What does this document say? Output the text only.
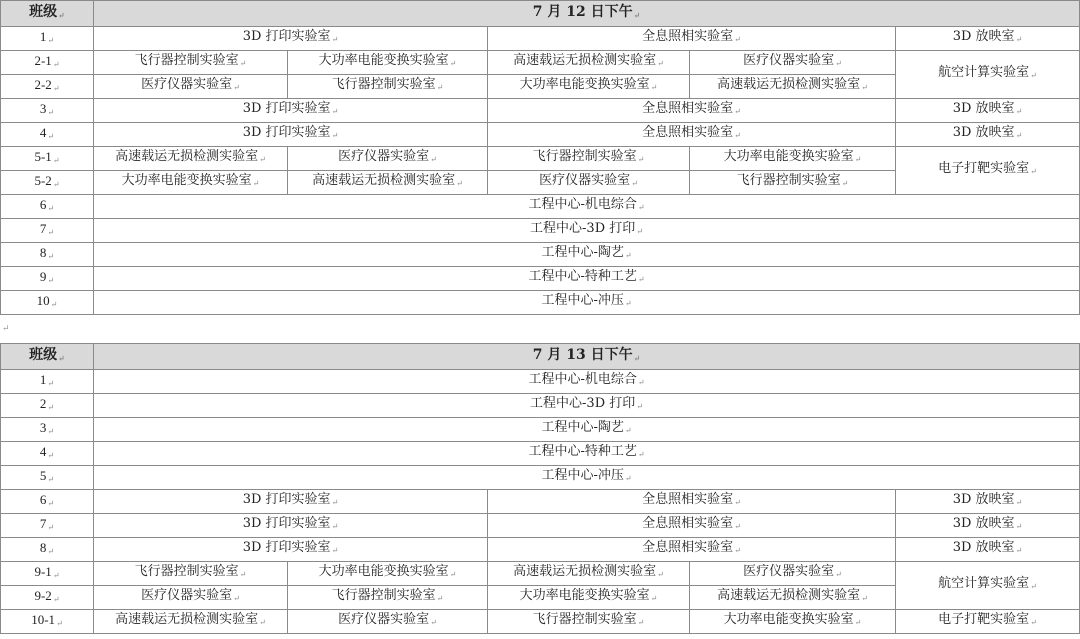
班级↵	7 月 12 日下午↵				
1↵	3D 打印实验室↵		全息照相实验室↵		3D 放映室↵
2-1↵	飞行器控制实验室↵	大功率电能变换实验室↵	高速载运无损检测实验室↵	医疗仪器实验室↵	航空计算实验室↵
2-2↵	医疗仪器实验室↵	飞行器控制实验室↵	大功率电能变换实验室↵	高速载运无损检测实验室↵	
3↵	3D 打印实验室↵		全息照相实验室↵		3D 放映室↵
4↵	3D 打印实验室↵		全息照相实验室↵		3D 放映室↵
5-1↵	高速载运无损检测实验室↵	医疗仪器实验室↵	飞行器控制实验室↵	大功率电能变换实验室↵	电子打靶实验室↵
5-2↵	大功率电能变换实验室↵	高速载运无损检测实验室↵	医疗仪器实验室↵	飞行器控制实验室↵	
6↵	工程中心-机电综合↵				
7↵	工程中心-3D 打印↵				
8↵	工程中心-陶艺↵				
9↵	工程中心-特种工艺↵				
10↵	工程中心-冲压↵				
↵
班级↵	7 月 13 日下午↵				
1↵	工程中心-机电综合↵				
2↵	工程中心-3D 打印↵				
3↵	工程中心-陶艺↵				
4↵	工程中心-特种工艺↵				
5↵	工程中心-冲压↵				
6↵	3D 打印实验室↵		全息照相实验室↵		3D 放映室↵
7↵	3D 打印实验室↵		全息照相实验室↵		3D 放映室↵
8↵	3D 打印实验室↵		全息照相实验室↵		3D 放映室↵
9-1↵	飞行器控制实验室↵	大功率电能变换实验室↵	高速载运无损检测实验室↵	医疗仪器实验室↵	航空计算实验室↵
9-2↵	医疗仪器实验室↵	飞行器控制实验室↵	大功率电能变换实验室↵	高速载运无损检测实验室↵	
10-1↵	高速载运无损检测实验室↵	医疗仪器实验室↵	飞行器控制实验室↵	大功率电能变换实验室↵	电子打靶实验室↵
